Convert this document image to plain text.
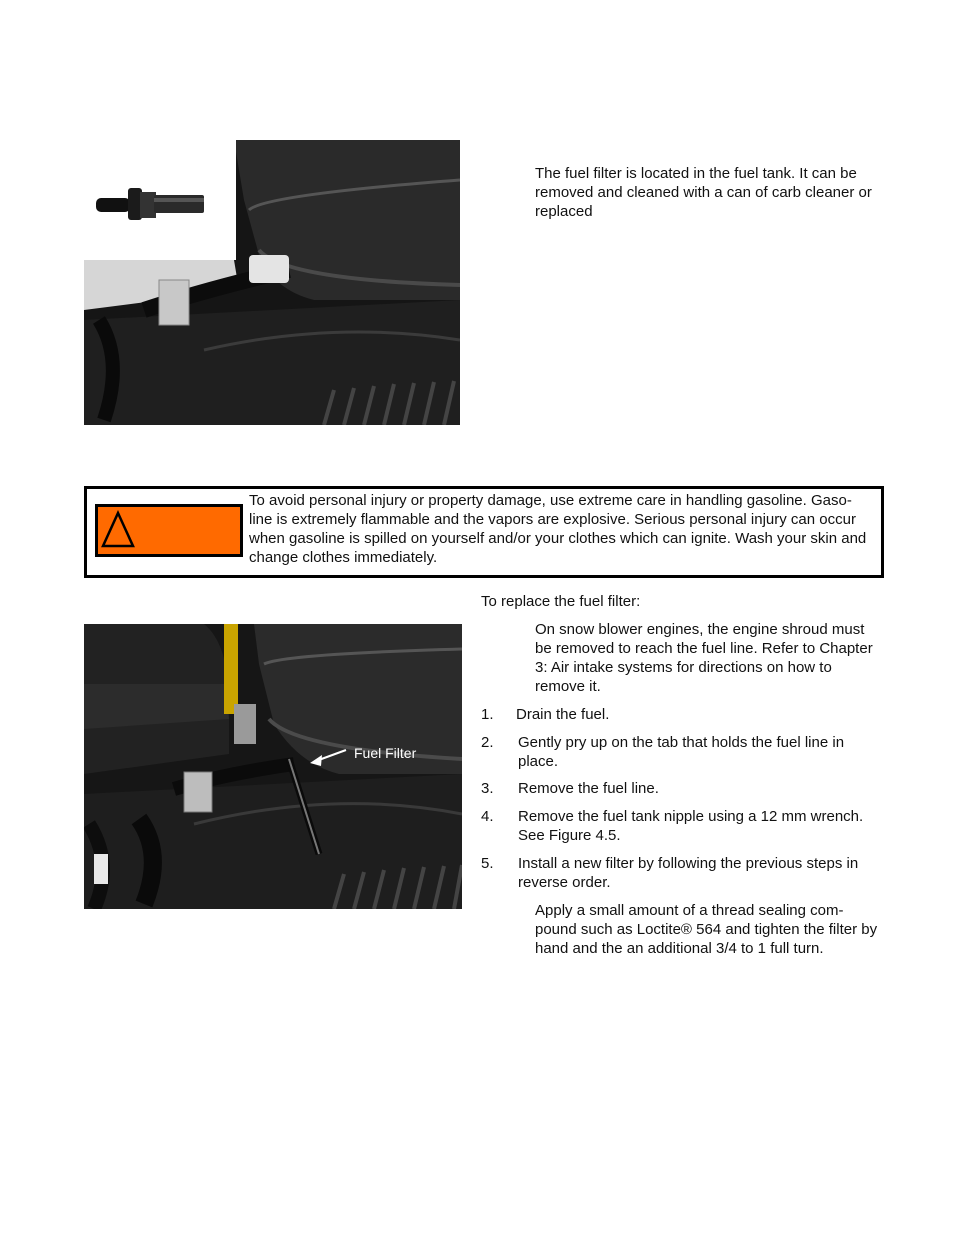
The fuel filter is located in the fuel tank. It can be removed and cleaned with a can of carb cleaner or replaced
To avoid personal injury or property damage, use extreme care in handling gasoline. Gaso-line is extremely flammable and the vapors are explosive. Serious personal injury can occur when gasoline is spilled on yourself and/or your clothes which can ignite. Wash your skin and change clothes immediately.
To replace the fuel filter:
On snow blower engines, the engine shroud must be removed to reach the fuel line. Refer to Chapter 3: Air intake systems for directions on how to remove it.
Fuel Filter
1. Drain the fuel.
2. Gently pry up on the tab that holds the fuel line in place.
3. Remove the fuel line.
4. Remove the fuel tank nipple using a 12 mm wrench. See Figure 4.5.
5. Install a new filter by following the previous steps in reverse order.
Apply a small amount of a thread sealing com-pound such as Loctite® 564 and tighten the filter by hand and the an additional 3/4 to 1 full turn.
